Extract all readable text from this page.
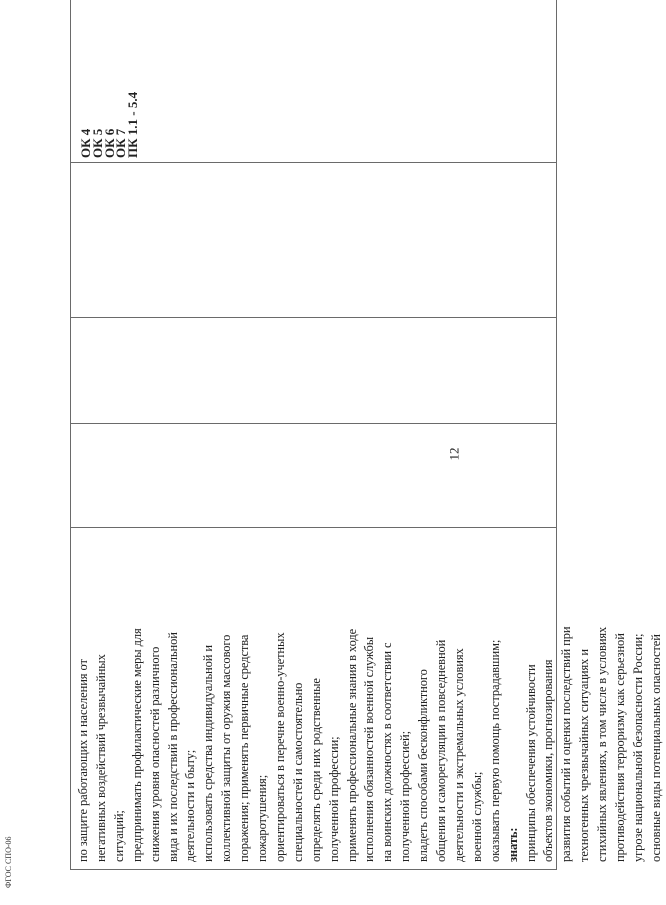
по защите работающих и населения от негативных воздействий чрезвычайных ситуаций; предпринимать профилактические меры для снижения уровня опасностей различного вида и их последствий в профессиональной деятельности и быту; использовать средства индивидуальной и коллективной защиты от оружия массового поражения; применять первичные средства пожаротушения; ориентироваться в перечне военно-учетных специальностей и самостоятельно определять среди них родственные полученной профессии; применять профессиональные знания в ходе исполнения обязанностей военной службы на воинских должностях в соответствии с полученной профессией; владеть способами бесконфликтного общения и саморегуляции в повседневной деятельности и экстремальных условиях военной службы; оказывать первую помощь пострадавшим; знать: принципы обеспечения устойчивости объектов экономики, прогнозирования развития событий и оценки последствий при техногенных чрезвычайных ситуациях и стихийных явлениях, в том числе в условиях противодействия терроризму как серьезной угрозе национальной безопасности России; основные виды потенциальных опасностей
ОК 4
ОК 5
ОК 6
ОК 7
ПК 1.1 - 5.4
12
ФГОС СПО-06
